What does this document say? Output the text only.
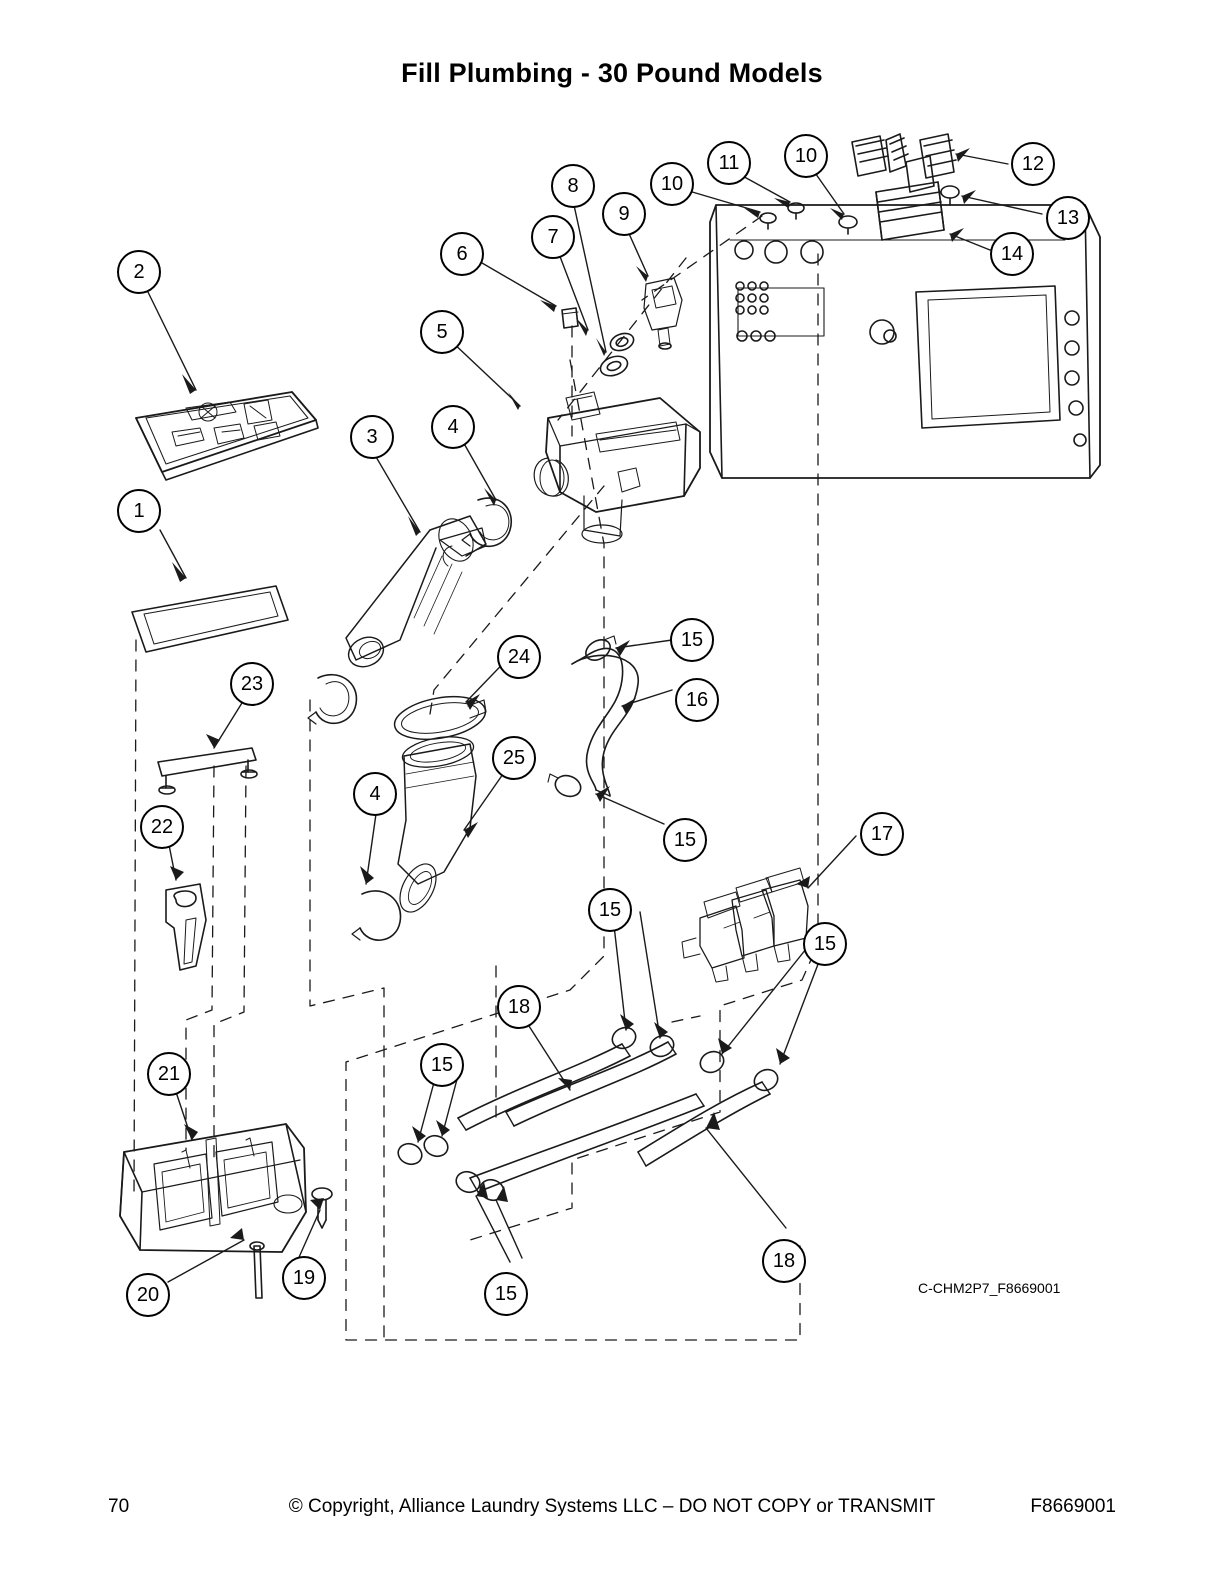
Fill Plumbing - 30 Pound Models
1
2
3	4
4
5
6
7
8
9
10
11	10	12
13
14
15
15
15
15
15
15
16
17
18
18
19
20
21
22
23
24
25
C-CHM2P7_F8669001
70	© Copyright, Alliance Laundry Systems LLC – DO NOT COPY or TRANSMIT	F8669001
